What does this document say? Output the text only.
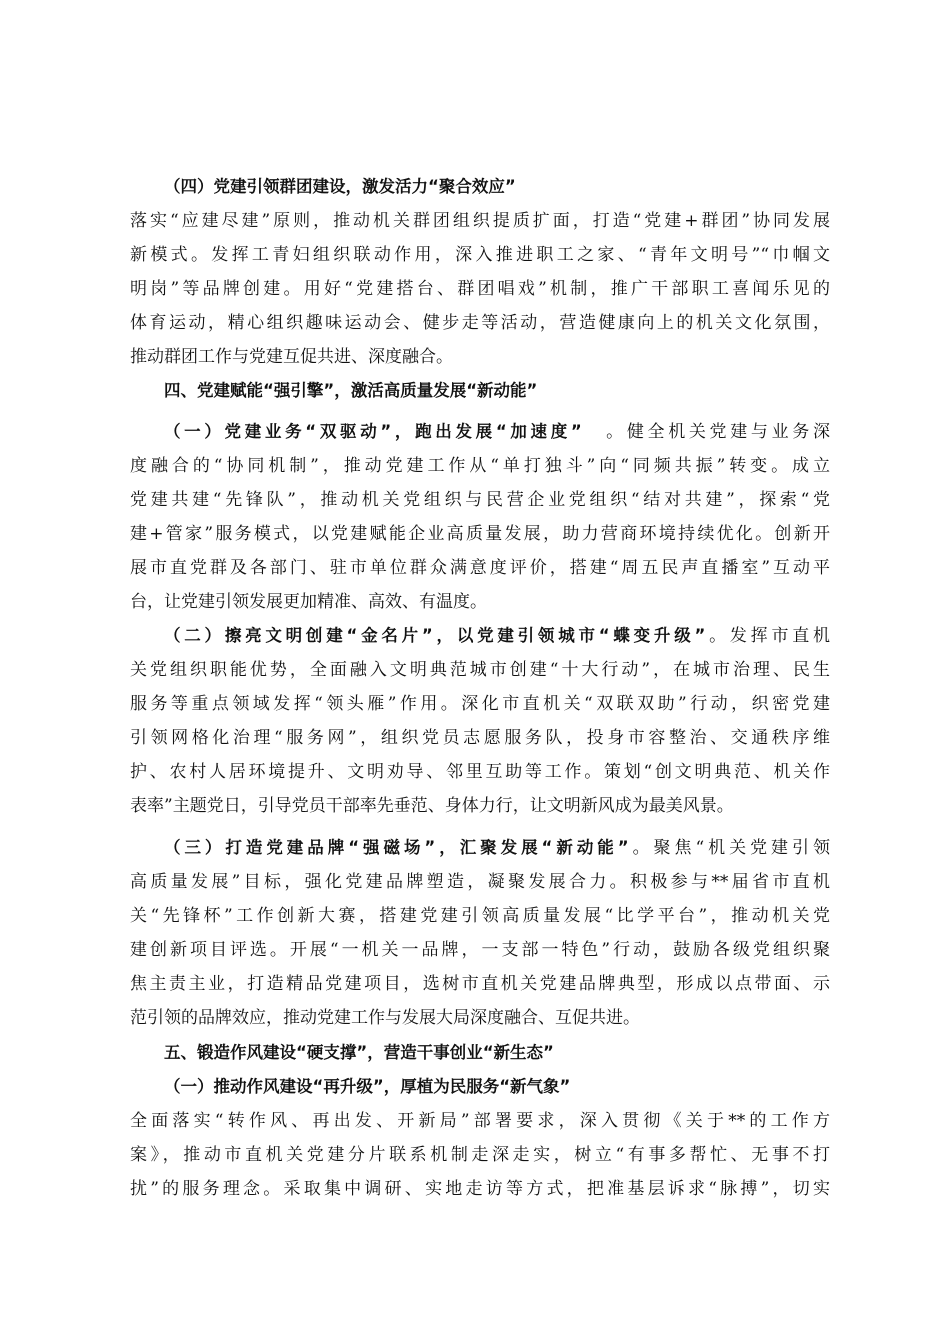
（四）党建引领群团建设，激发活力“聚合效应”
落实“应建尽建”原则，推动机关群团组织提质扩面，打造“党建+群团”协同发展
新模式。发挥工青妇组织联动作用，深入推进职工之家、“青年文明号”“巾帼文
明岗”等品牌创建。用好“党建搭台、群团唱戏”机制，推广干部职工喜闻乐见的
体育运动，精心组织趣味运动会、健步走等活动，营造健康向上的机关文化氛围，
推动群团工作与党建互促共进、深度融合。
四、党建赋能“强引擎”，激活高质量发展“新动能”
（一）党建业务“双驱动”，跑出发展“加速度”　。健全机关党建与业务深
度融合的“协同机制”，推动党建工作从“单打独斗”向“同频共振”转变。成立
党建共建“先锋队”，推动机关党组织与民营企业党组织“结对共建”，探索“党
建+管家”服务模式，以党建赋能企业高质量发展，助力营商环境持续优化。创新开
展市直党群及各部门、驻市单位群众满意度评价，搭建“周五民声直播室”互动平
台，让党建引领发展更加精准、高效、有温度。
（二）擦亮文明创建“金名片”，以党建引领城市“蝶变升级”。发挥市直机
关党组织职能优势，全面融入文明典范城市创建“十大行动”，在城市治理、民生
服务等重点领域发挥“领头雁”作用。深化市直机关“双联双助”行动，织密党建
引领网格化治理“服务网”，组织党员志愿服务队，投身市容整治、交通秩序维
护、农村人居环境提升、文明劝导、邻里互助等工作。策划“创文明典范、机关作
表率”主题党日，引导党员干部率先垂范、身体力行，让文明新风成为最美风景。
（三）打造党建品牌“强磁场”，汇聚发展“新动能”。聚焦“机关党建引领
高质量发展”目标，强化党建品牌塑造，凝聚发展合力。积极参与**届省市直机
关“先锋杯”工作创新大赛，搭建党建引领高质量发展“比学平台”，推动机关党
建创新项目评选。开展“一机关一品牌，一支部一特色”行动，鼓励各级党组织聚
焦主责主业，打造精品党建项目，选树市直机关党建品牌典型，形成以点带面、示
范引领的品牌效应，推动党建工作与发展大局深度融合、互促共进。
五、锻造作风建设“硬支撑”，营造干事创业“新生态”
（一）推动作风建设“再升级”，厚植为民服务“新气象”
全面落实“转作风、再出发、开新局”部署要求，深入贯彻《关于**的工作方
案》，推动市直机关党建分片联系机制走深走实，树立“有事多帮忙、无事不打
扰”的服务理念。采取集中调研、实地走访等方式，把准基层诉求“脉搏”，切实
